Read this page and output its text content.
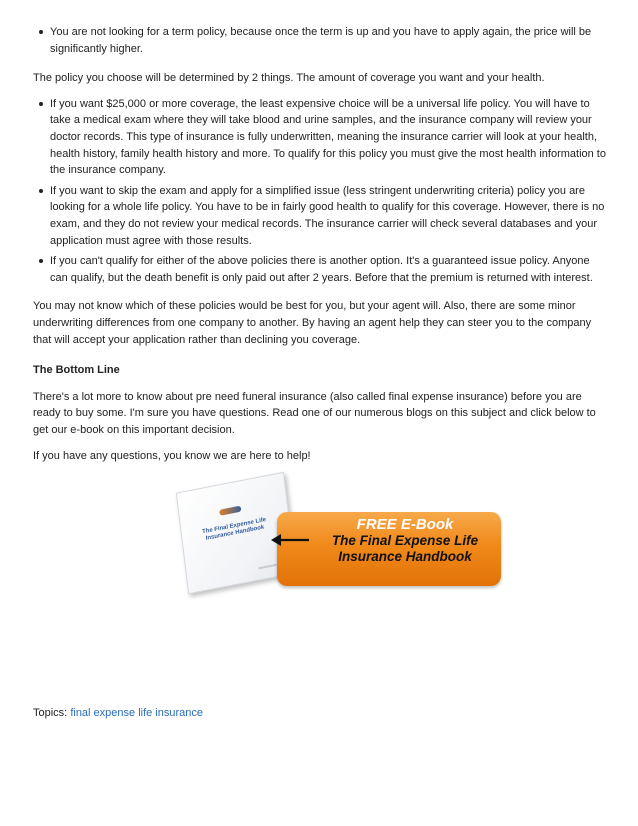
You are not looking for a term policy, because once the term is up and you have to apply again, the price will be significantly higher.

The policy you choose will be determined by 2 things. The amount of coverage you want and your health.

If you want $25,000 or more coverage, the least expensive choice will be a universal life policy. You will have to take a medical exam where they will take blood and urine samples, and the insurance company will review your doctor records. This type of insurance is fully underwritten, meaning the insurance carrier will look at your health, health history, family health history and more. To qualify for this policy you must give the most health information to the insurance company.
If you want to skip the exam and apply for a simplified issue (less stringent underwriting criteria) policy you are looking for a whole life policy. You have to be in fairly good health to qualify for this coverage. However, there is no exam, and they do not review your medical records. The insurance carrier will check several databases and your application must agree with those results.
If you can't qualify for either of the above policies there is another option. It's a guaranteed issue policy. Anyone can qualify, but the death benefit is only paid out after 2 years. Before that the premium is returned with interest.

You may not know which of these policies would be best for you, but your agent will. Also, there are some minor underwriting differences from one company to another. By having an agent help they can steer you to the company that will accept your application rather than declining you coverage.

The Bottom Line

There's a lot more to know about pre need funeral insurance (also called final expense insurance) before you are ready to buy some. I'm sure you have questions. Read one of our numerous blogs on this subject and click below to get our e-book on this important decision.

If you have any questions, you know we are here to help!

The Final Expense Life Insurance Handbook
FREE E-Book
The Final Expense Life
Insurance Handbook
Topics: final expense life insurance
